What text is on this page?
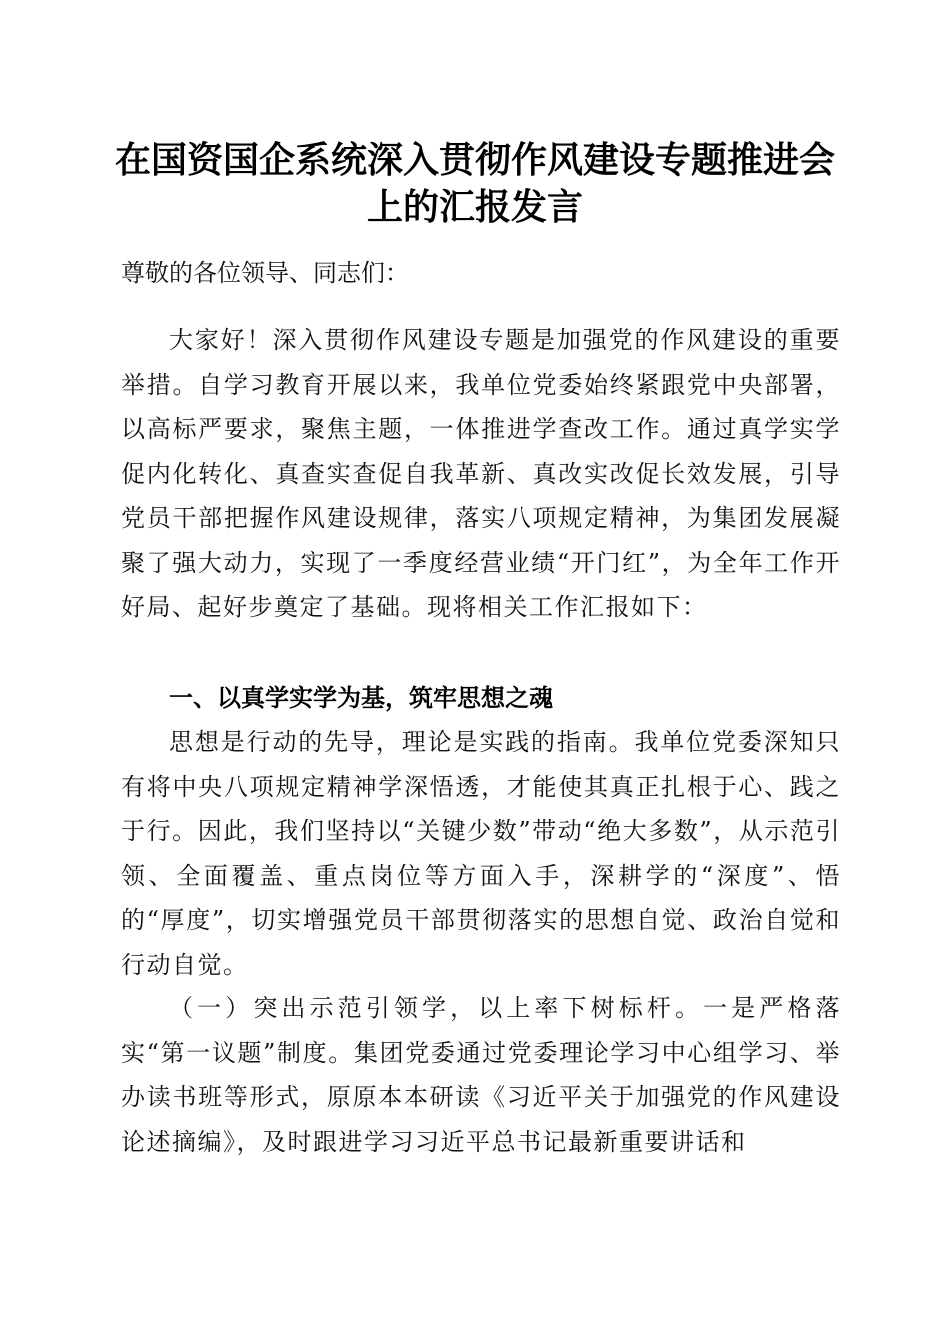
在国资国企系统深入贯彻作风建设专题推进会
上的汇报发言
尊敬的各位领导、同志们：

大家好！深入贯彻作风建设专题是加强党的作风建设的重要举措。自学习教育开展以来，我单位党委始终紧跟党中央部署，以高标严要求，聚焦主题，一体推进学查改工作。通过真学实学促内化转化、真查实查促自我革新、真改实改促长效发展，引导党员干部把握作风建设规律，落实八项规定精神，为集团发展凝聚了强大动力，实现了一季度经营业绩“开门红”，为全年工作开好局、起好步奠定了基础。现将相关工作汇报如下：

一、以真学实学为基，筑牢思想之魂

思想是行动的先导，理论是实践的指南。我单位党委深知只有将中央八项规定精神学深悟透，才能使其真正扎根于心、践之于行。因此，我们坚持以“关键少数”带动“绝大多数”，从示范引领、全面覆盖、重点岗位等方面入手，深耕学的“深度”、悟的“厚度”，切实增强党员干部贯彻落实的思想自觉、政治自觉和行动自觉。

（一）突出示范引领学，以上率下树标杆。一是严格落实“第一议题”制度。集团党委通过党委理论学习中心组学习、举办读书班等形式，原原本本研读《习近平关于加强党的作风建设论述摘编》，及时跟进学习习近平总书记最新重要讲话和
